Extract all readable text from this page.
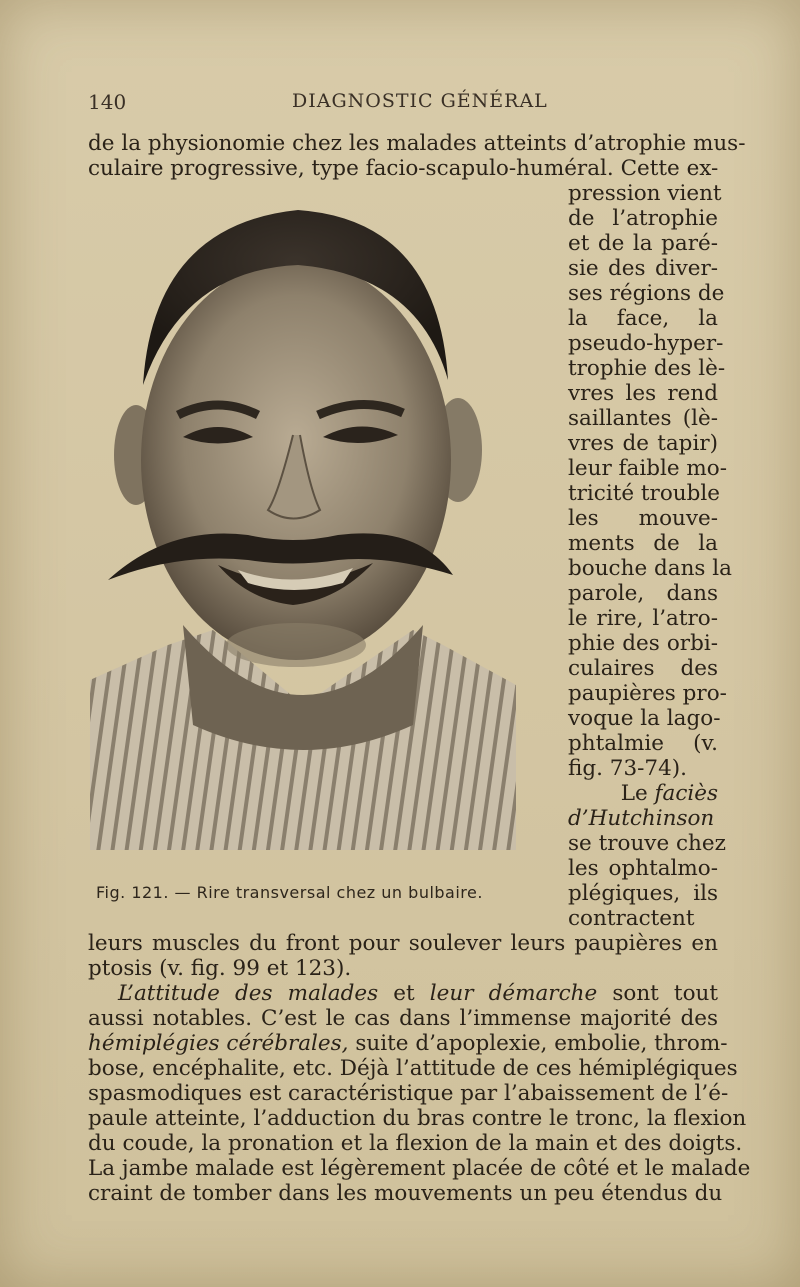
140	DIAGNOSTIC GÉNÉRAL
de la physionomie chez les malades atteints d’atrophie mus-
culaire progressive, type facio-scapulo-huméral. Cette ex-
Fig. 121. — Rire transversal chez un bulbaire.
pression vient
de l’atrophie
et de la paré-
sie des diver-
ses régions de
la face, la
pseudo-hyper-
trophie des lè-
vres les rend
saillantes (lè-
vres de tapir)
leur faible mo-
tricité trouble
les mouve-
ments de la
bouche dans la
parole, dans
le rire, l’atro-
phie des orbi-
culaires des
paupières pro-
voque la lago-
phtalmie (v.
fig. 73-74).
Le faciès
d’Hutchinson
se trouve chez
les ophtalmo-
plégiques, ils
contractent
leurs muscles du front pour soulever leurs paupières en
ptosis (v. fig. 99 et 123).
L’attitude des malades et leur démarche sont tout
aussi notables. C’est le cas dans l’immense majorité des
hémiplégies cérébrales, suite d’apoplexie, embolie, throm-
bose, encéphalite, etc. Déjà l’attitude de ces hémiplégiques
spasmodiques est caractéristique par l’abaissement de l’é-
paule atteinte, l’adduction du bras contre le tronc, la flexion
du coude, la pronation et la flexion de la main et des doigts.
La jambe malade est légèrement placée de côté et le malade
craint de tomber dans les mouvements un peu étendus du
